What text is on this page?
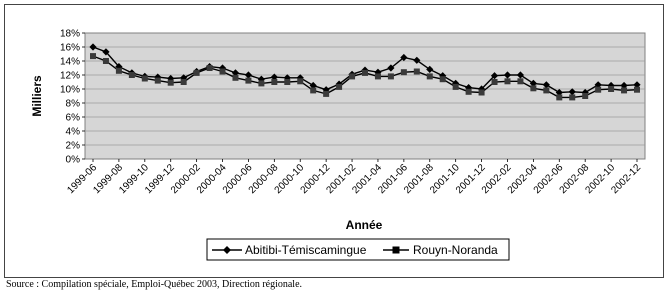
0%
2%
4%
6%
8%
10%
12%
14%
16%
18%
1999-06
1999-08
1999-10
1999-12
2000-02
2000-04
2000-06
2000-08
2000-10
2000-12
2001-02
2001-04
2001-06
2001-08
2001-10
2001-12
2002-02
2002-04
2002-06
2002-08
2002-10
2002-12
Milliers
Année
Abitibi-Témiscamingue	Rouyn-Noranda
Source : Compilation spéciale, Emploi-Québec 2003, Direction régionale.
